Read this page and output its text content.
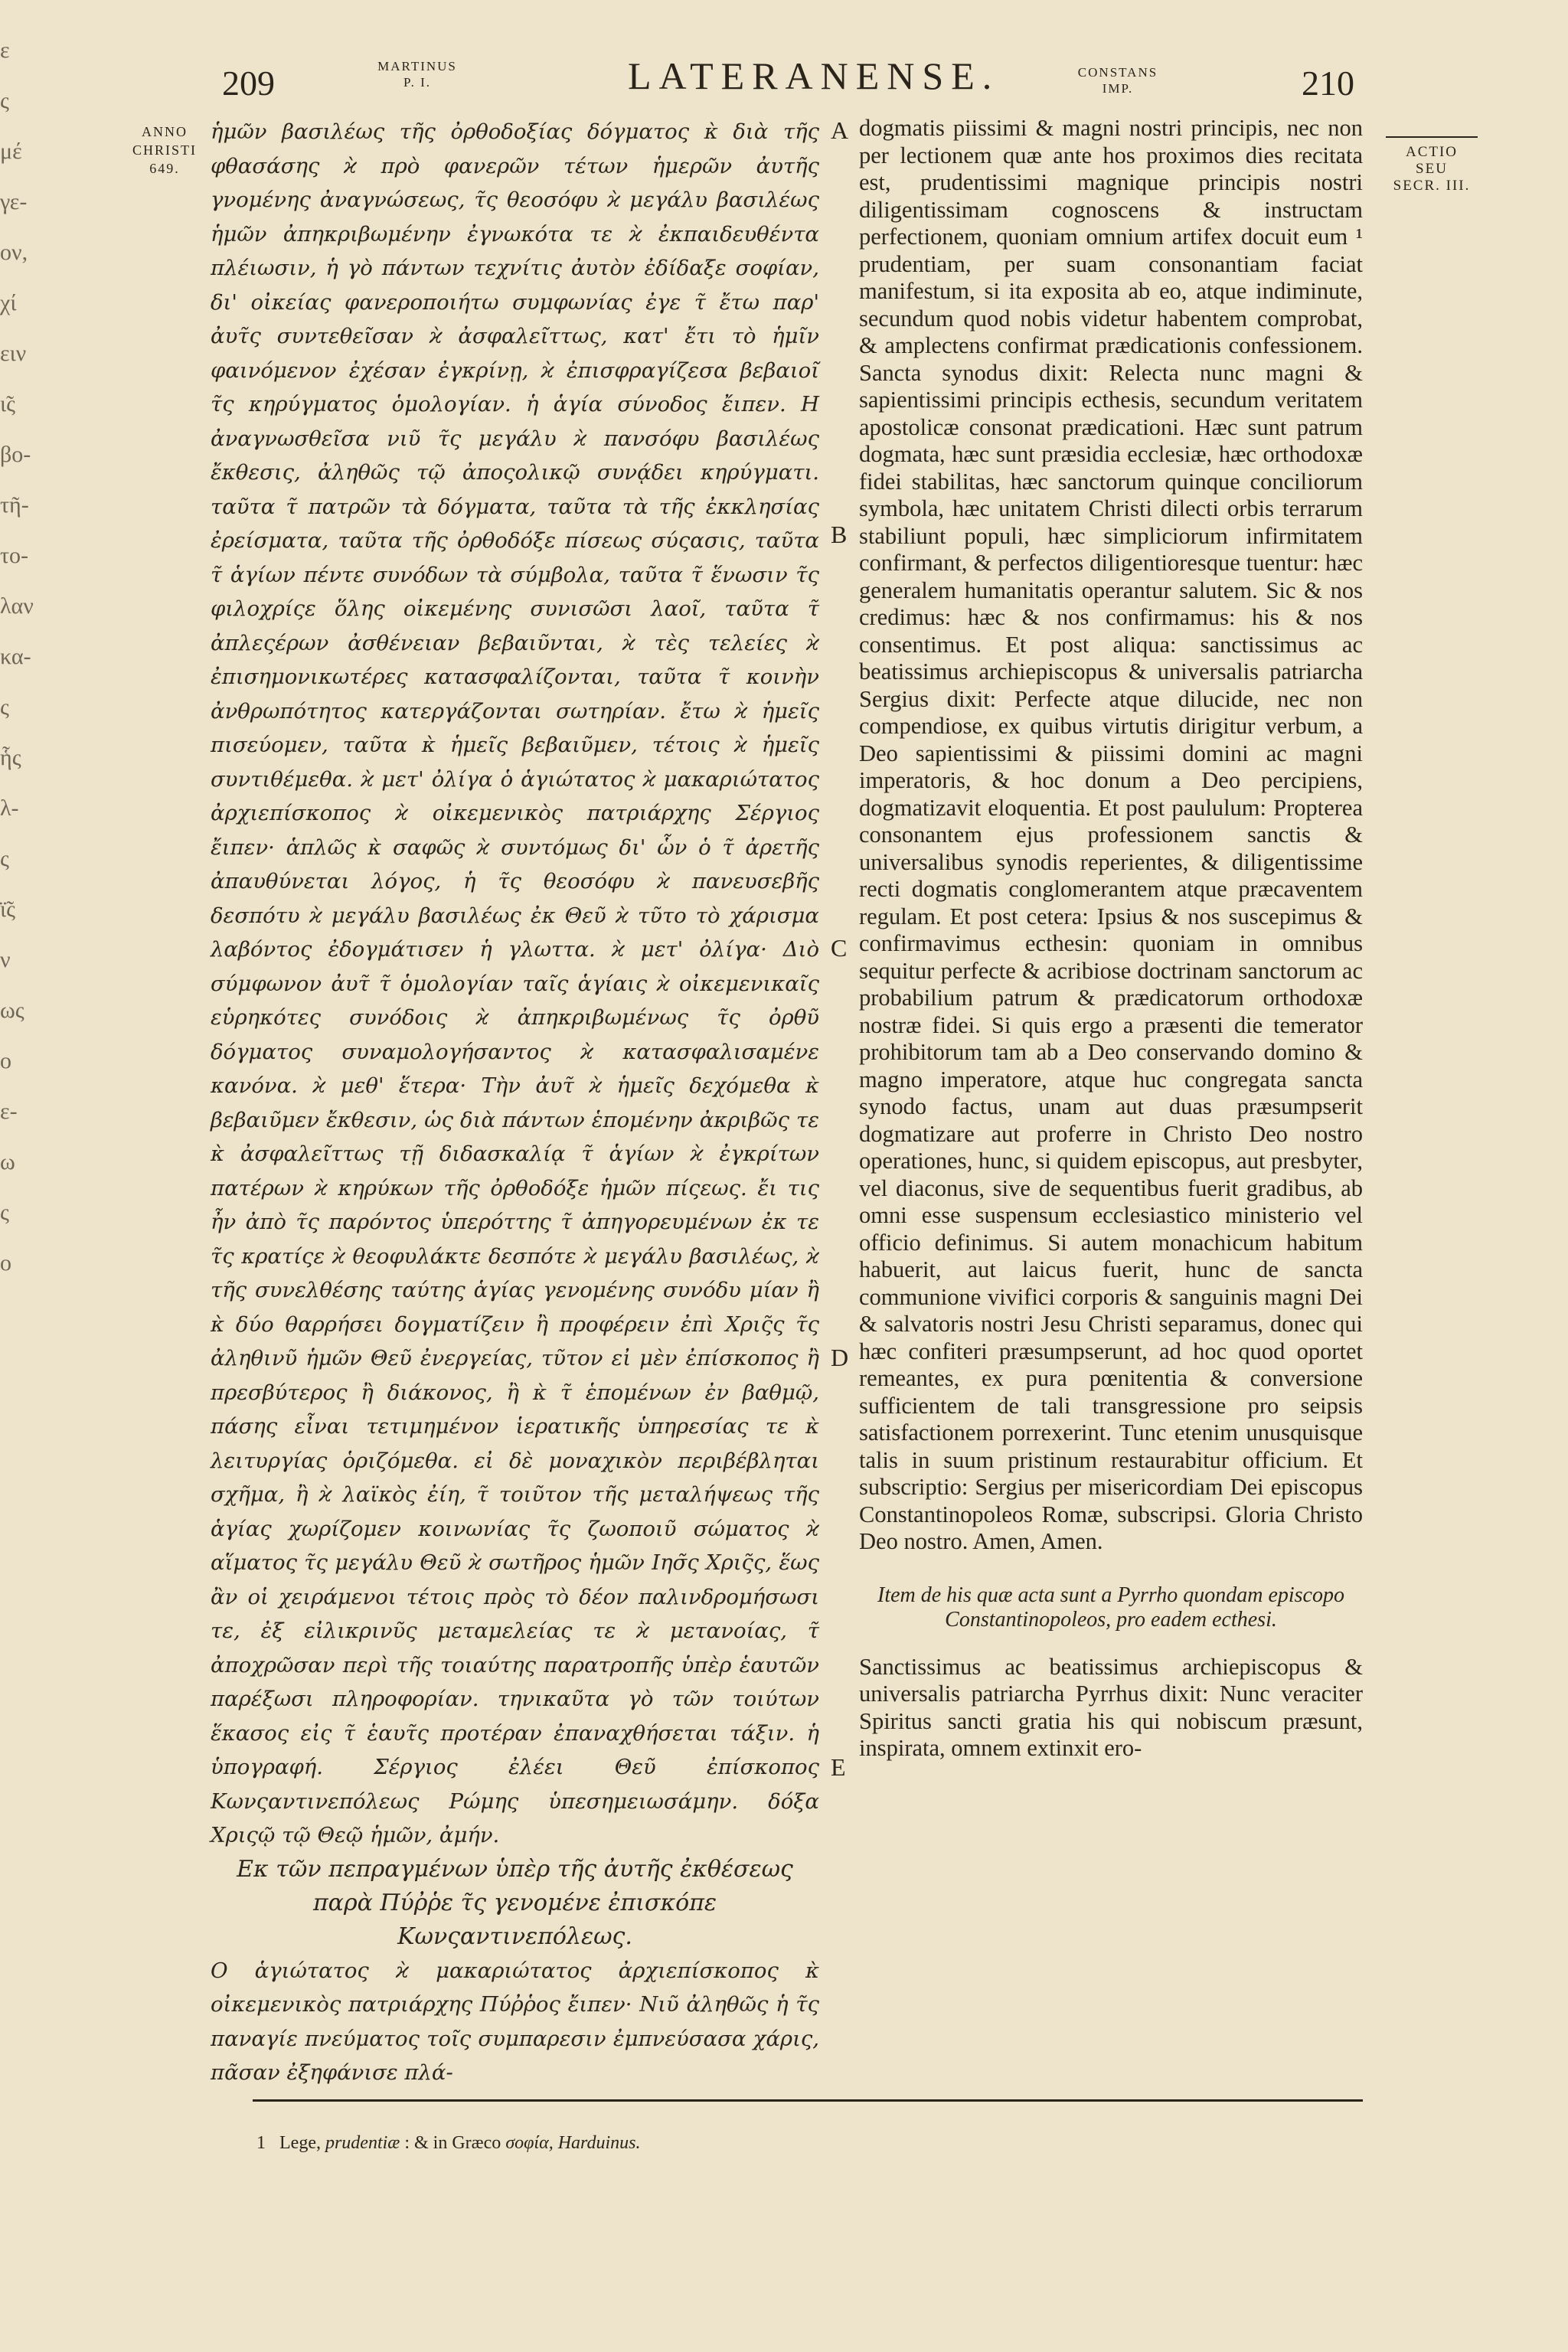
ε
ς
μέ
γε-
ον,
χί
ειν
ι̃ς
βο-
τῆ-
το-
λαν
κα-
ς
ἧς
λ-
ς
ϊ̃ς
ν
ως
ο
ε-
ω
ς
ο
209	MARTINUS
P. I.	LATERANENSE.	CONSTANS
IMP.	210
ANNO
CHRISTI
649.
ACTIO
SEU
SECR. III.

ἡμῶν βασιλέως τῆς ὀρθοδοξίας δόγματος κ̀ διὰ τῆς φθασάσης ϰ̀ πρὸ φανερῶν τέτων ἡμερῶν ἀυτῆς γνομένης ἀναγνώσεως, τ̃ς θεοσόφυ ϰ̀ μεγάλυ βασιλέως ἡμῶν ἀπηκριβωμένην ἐγνωκότα τε ϰ̀ ἐκπαιδευθέντα πλέιωσιν, ἡ γὸ πάντων τεχνίτις ἀυτὸν ἐδίδαξε σοφίαν, δι' οἰκείας φανεροποιήτω συμφωνίας ἐγε τ̃ ἔτω παρ' ἀυτ̃ς συντεθεῖσαν ϰ̀ ἀσφαλεῖττως, κατ' ἔτι τὸ ἡμῖν φαινόμενον ἐχέσαν ἐγκρίνῃ, ϰ̀ ἐπισφραγίζεσα βεβαιοῖ τ̃ς κηρύγματος ὁμολογίαν. ἡ ἁγία σύνοδος ἔιπεν. Η ἀναγνωσθεῖσα νιῦ τ̃ς μεγάλυ ϰ̀ πανσόφυ βασιλέως ἔκθεσις, ἀληθῶς τῷ ἀποςολικῷ συνᾴδει κηρύγματι. ταῦτα τ̃ πατρῶν τὰ δόγματα, ταῦτα τὰ τῆς ἐκκλησίας ἐρείσματα, ταῦτα τῆς ὀρθοδόξε πίσεως σύςασις, ταῦτα τ̃ ἁγίων πέντε συνόδων τὰ σύμβολα, ταῦτα τ̃ ἕνωσιν τ̃ς φιλοχρίςε ὅλης οἰκεμένης συνισῶσι λαοῖ, ταῦτα τ̃ ἀπλεςέρων ἀσθένειαν βεβαιῦνται, ϰ̀ τὲς τελείες ϰ̀ ἐπισημονικωτέρες κατασφαλίζονται, ταῦτα τ̃ κοινὴν ἀνθρωπότητος κατεργάζονται σωτηρίαν. ἔτω ϰ̀ ἡμεῖς πισεύομεν, ταῦτα κ̀ ἡμεῖς βεβαιῦμεν, τέτοις ϰ̀ ἡμεῖς συντιθέμεθα. ϰ̀ μετ' ὀλίγα ὁ ἁγιώτατος ϰ̀ μακαριώτατος ἀρχιεπίσκοπος ϰ̀ οἰκεμενικὸς πατριάρχης Σέργιος ἔιπεν· ἁπλῶς κ̀ σαφῶς ϰ̀ συντόμως δι' ὧν ὁ τ̃ ἀρετῆς ἀπαυθύνεται λόγος, ἡ τ̃ς θεοσόφυ ϰ̀ πανευσεβῆς δεσπότυ ϰ̀ μεγάλυ βασιλέως ἐκ Θεῦ ϰ̀ τῦτο τὸ χάρισμα λαβόντος ἐδογμάτισεν ἡ γλωττα. ϰ̀ μετ' ὀλίγα· Διὸ σύμφωνον ἀυτ̃ τ̃ ὁμολογίαν ταῖς ἁγίαις ϰ̀ οἰκεμενικαῖς εὑρηκότες συνόδοις ϰ̀ ἀπηκριβωμένως τ̃ς ὀρθῦ δόγματος συναμολογήσαντος ϰ̀ κατασφαλισαμένε κανόνα. ϰ̀ μεθ' ἕτερα· Τὴν ἀυτ̃ ϰ̀ ἡμεῖς δεχόμεθα κ̀ βεβαιῦμεν ἔκθεσιν, ὡς διὰ πάντων ἑπομένην ἀκριβῶς τε κ̀ ἀσφαλεῖττως τῇ διδασκαλίᾳ τ̃ ἁγίων ϰ̀ ἐγκρίτων πατέρων ϰ̀ κηρύκων τῆς ὀρθοδόξε ἡμῶν πίςεως. ἔι τις ἦν ἀπὸ τ̃ς παρόντος ὑπερόττης τ̃ ἀπηγορευμένων ἐκ τε τ̃ς κρατίςε ϰ̀ θεοφυλάκτε δεσπότε ϰ̀ μεγάλυ βασιλέως, ϰ̀ τῆς συνελθέσης ταύτης ἁγίας γενομένης συνόδυ μίαν ἢ κ̀ δύο θαρρήσει δογματίζειν ἢ προφέρειν ἐπὶ Χρις̃ς τ̃ς ἀληθινῦ ἡμῶν Θεῦ ἐνεργείας, τῦτον εἰ μὲν ἐπίσκοπος ἢ πρεσβύτερος ἢ διάκονος, ἢ κ̀ τ̃ ἑπομένων ἐν βαθμῷ, πάσης εἶναι τετιμημένον ἱερατικῆς ὑπηρεσίας τε κ̀ λειτυργίας ὁριζόμεθα. εἰ δὲ μοναχικὸν περιβέβληται σχῆμα, ἢ ϰ̀ λαϊκὸς ἐίη, τ̃ τοιῦτον τῆς μεταλήψεως τῆς ἁγίας χωρίζομεν κοινωνίας τ̃ς ζωοποιῦ σώματος ϰ̀ αἵματος τ̃ς μεγάλυ Θεῦ ϰ̀ σωτῆρος ἡμῶν Ιησ̃ς Χρις̃ς, ἕως ἂν οἱ χειράμενοι τέτοις πρὸς τὸ δέον παλινδρομήσωσι τε, ἐξ εἰλικρινῦς μεταμελείας τε ϰ̀ μετανοίας, τ̃ ἀποχρῶσαν περὶ τῆς τοιαύτης παρατροπῆς ὑπὲρ ἑαυτῶν παρέξωσι πληροφορίαν. τηνικαῦτα γὸ τῶν τοιύτων ἕκασος εἰς τ̃ ἑαυτ̃ς προτέραν ἐπαναχθήσεται τάξιν. ἡ ὑπογραφή. Σέργιος ἐλέει Θεῦ ἐπίσκοπος Κωνςαντινεπόλεως Ρώμης ὑπεσημειωσάμην. δόξα Χριςῷ τῷ Θεῷ ἡμῶν, ἀμήν.

Εκ τῶν πεπραγμένων ὑπὲρ τῆς ἀυτῆς ἐκθέσεως παρὰ Πύῤῥε τ̃ς γενομένε ἐπισκόπε Κωνςαντινεπόλεως.

Ο ἁγιώτατος ϰ̀ μακαριώτατος ἀρχιεπίσκοπος κ̀ οἰκεμενικὸς πατριάρχης Πύῤῥος ἔιπεν· Νιῦ ἀληθῶς ἡ τ̃ς παναγίε πνεύματος τοῖς συμπαρεσιν ἐμπνεύσασα χάρις, πᾶσαν ἐξηφάνισε πλά-

A
B
C
D
E

dogmatis piissimi & magni nostri principis, nec non per lectionem quæ ante hos proximos dies recitata est, prudentissimi magnique principis nostri diligentissimam cognoscens & instructam perfectionem, quoniam omnium artifex docuit eum ¹ prudentiam, per suam consonantiam faciat manifestum, si ita exposita ab eo, atque indiminute, secundum quod nobis videtur habentem comprobat, & amplectens confirmat prædicationis confessionem. Sancta synodus dixit: Relecta nunc magni & sapientissimi principis ecthesis, secundum veritatem apostolicæ consonat prædicationi. Hæc sunt patrum dogmata, hæc sunt præsidia ecclesiæ, hæc orthodoxæ fidei stabilitas, hæc sanctorum quinque conciliorum symbola, hæc unitatem Christi dilecti orbis terrarum stabiliunt populi, hæc simpliciorum infirmitatem confirmant, & perfectos diligentioresque tuentur: hæc generalem humanitatis operantur salutem. Sic & nos credimus: hæc & nos confirmamus: his & nos consentimus. Et post aliqua: sanctissimus ac beatissimus archiepiscopus & universalis patriarcha Sergius dixit: Perfecte atque dilucide, nec non compendiose, ex quibus virtutis dirigitur verbum, a Deo sapientissimi & piissimi domini ac magni imperatoris, & hoc donum a Deo percipiens, dogmatizavit eloquentia. Et post paululum: Propterea consonantem ejus professionem sanctis & universalibus synodis reperientes, & diligentissime recti dogmatis conglomerantem atque præcaventem regulam. Et post cetera: Ipsius & nos suscepimus & confirmavimus ecthesin: quoniam in omnibus sequitur perfecte & acribiose doctrinam sanctorum ac probabilium patrum & prædicatorum orthodoxæ nostræ fidei. Si quis ergo a præsenti die temerator prohibitorum tam ab a Deo conservando domino & magno imperatore, atque huc congregata sancta synodo factus, unam aut duas præsumpserit dogmatizare aut proferre in Christo Deo nostro operationes, hunc, si quidem episcopus, aut presbyter, vel diaconus, sive de sequentibus fuerit gradibus, ab omni esse suspensum ecclesiastico ministerio vel officio definimus. Si autem monachicum habitum habuerit, aut laicus fuerit, hunc de sancta communione vivifici corporis & sanguinis magni Dei & salvatoris nostri Jesu Christi separamus, donec qui hæc confiteri præsumpserunt, ad hoc quod oportet remeantes, ex pura pœnitentia & conversione sufficientem de tali transgressione pro seipsis satisfactionem porrexerint. Tunc etenim unusquisque talis in suum pristinum restaurabitur officium. Et subscriptio: Sergius per misericordiam Dei episcopus Constantinopoleos Romæ, subscripsi. Gloria Christo Deo nostro. Amen, Amen.

Item de his quæ acta sunt a Pyrrho quondam episcopo Constantinopoleos, pro eadem ecthesi.

Sanctissimus ac beatissimus archiepiscopus & universalis patriarcha Pyrrhus dixit: Nunc veraciter Spiritus sancti gratia his qui nobiscum præsunt, inspirata, omnem extinxit ero-

1 Lege, prudentiæ : & in Græco σοφία, Harduinus.
